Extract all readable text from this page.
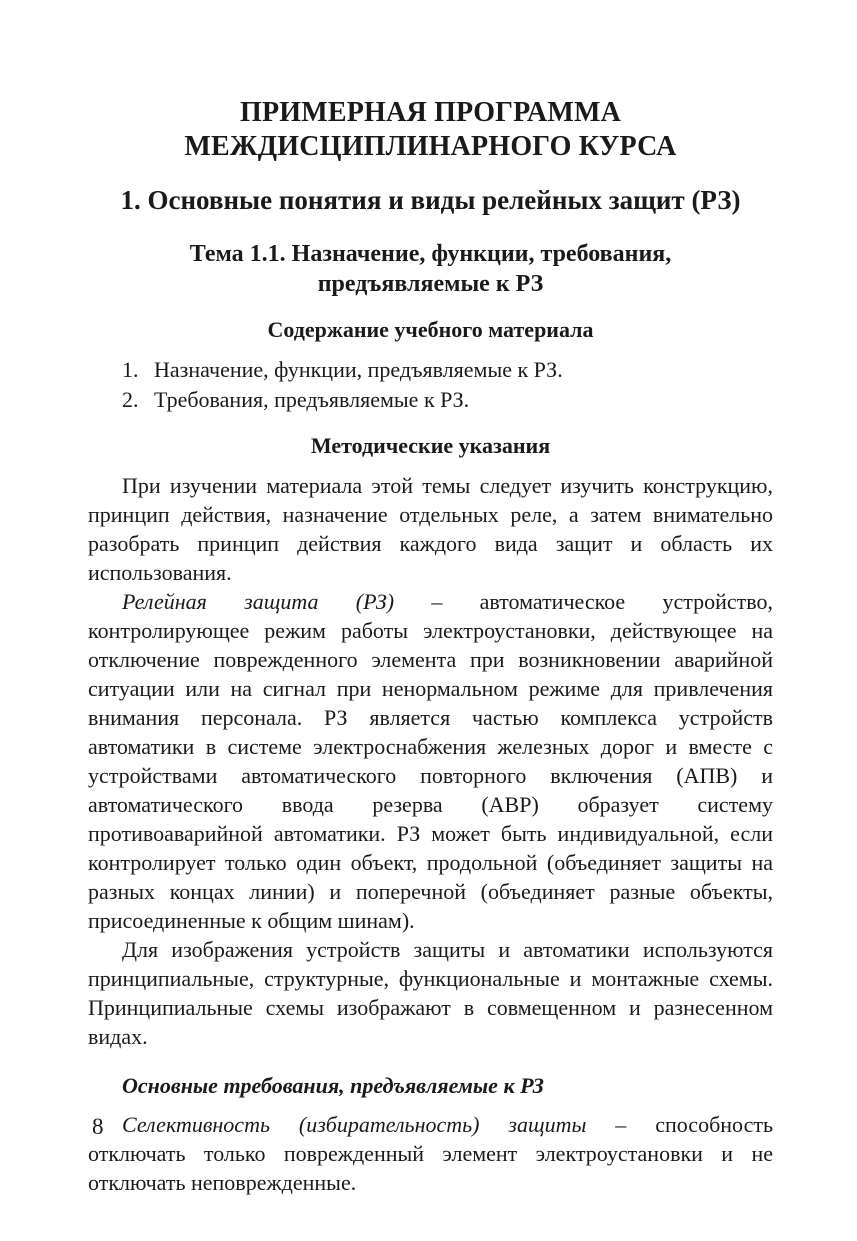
ПРИМЕРНАЯ ПРОГРАММА
МЕЖДИСЦИПЛИНАРНОГО КУРСА
1. Основные понятия и виды релейных защит (РЗ)
Тема 1.1. Назначение, функции, требования,
предъявляемые к РЗ
Содержание учебного материала
1. Назначение, функции, предъявляемые к РЗ.
2. Требования, предъявляемые к РЗ.
Методические указания

При изучении материала этой темы следует изучить конструкцию, принцип действия, назначение отдельных реле, а затем внимательно разобрать принцип действия каждого вида защит и область их использования.

Релейная защита (РЗ) – автоматическое устройство, контролирующее режим работы электроустановки, действующее на отключение поврежденного элемента при возникновении аварийной ситуации или на сигнал при ненормальном режиме для привлечения внимания персонала. РЗ является частью комплекса устройств автоматики в системе электроснабжения железных дорог и вместе с устройствами автоматического повторного включения (АПВ) и автоматического ввода резерва (АВР) образует систему противоаварийной автоматики. РЗ может быть индивидуальной, если контролирует только один объект, продольной (объединяет защиты на разных концах линии) и поперечной (объединяет разные объекты, присоединенные к общим шинам).

Для изображения устройств защиты и автоматики используются принципиальные, структурные, функциональные и монтажные схемы. Принципиальные схемы изображают в совмещенном и разнесенном видах.

Основные требования, предъявляемые к РЗ

Селективность (избирательность) защиты – способность отключать только поврежденный элемент электроустановки и не отключать неповрежденные.

8
